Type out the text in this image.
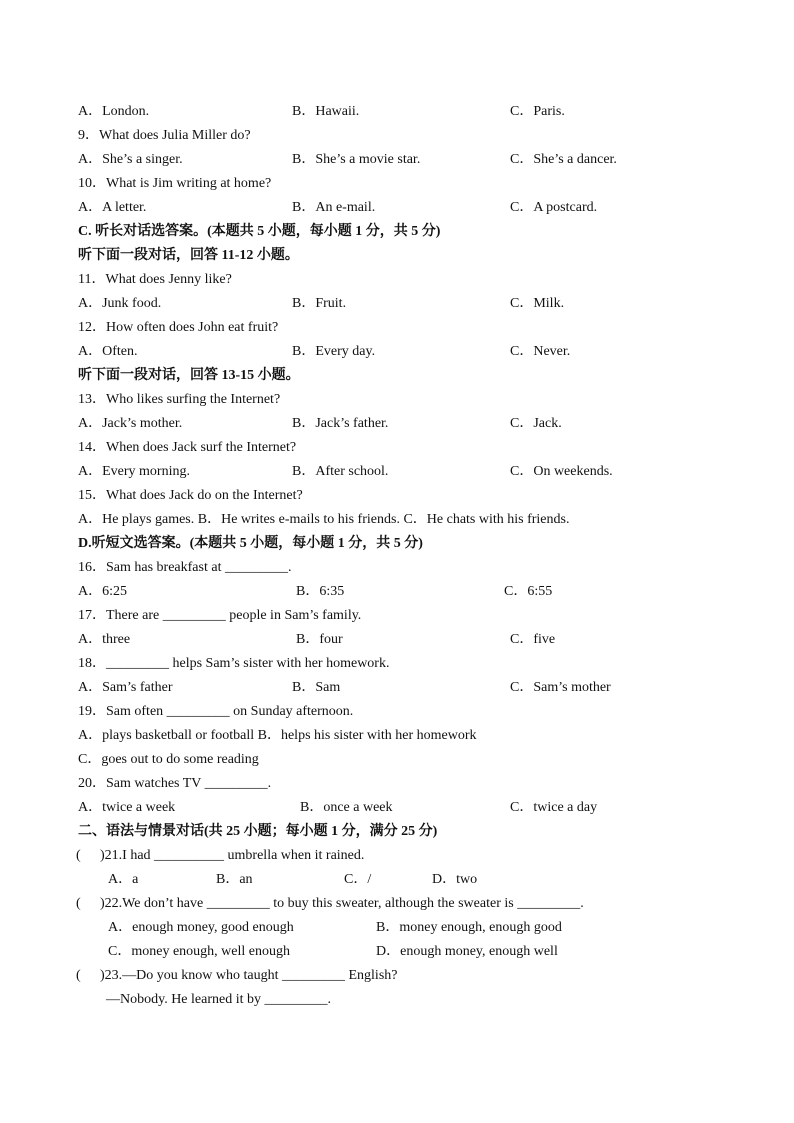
A．London.	B．Hawaii.	C．Paris.
9．What does Julia Miller do?
A．She’s a singer.	B．She’s a movie star.	C．She’s a dancer.
10．What is Jim writing at home?
A．A letter.	B．An e-mail.	C．A postcard.
C. 听长对话选答案。(本题共 5 小题，每小题 1 分，共 5 分)
听下面一段对话，回答 11-12 小题。
11．What does Jenny like?
A．Junk food.	B．Fruit.	C．Milk.
12．How often does John eat fruit?
A．Often.	B．Every day.	C．Never.
听下面一段对话，回答 13-15 小题。
13．Who likes surfing the Internet?
A．Jack’s mother.	B．Jack’s father.	C．Jack.
14．When does Jack surf the Internet?
A．Every morning.	B．After school.	C．On weekends.
15．What does Jack do on the Internet?
A．He plays games. B．He writes e-mails to his friends. C．He chats with his friends.
D.听短文选答案。(本题共 5 小题，每小题 1 分，共 5 分)
16．Sam has breakfast at _________.
A．6:25	B．6:35	C．6:55
17．There are _________ people in Sam’s family.
A．three	B．four	C．five
18．_________ helps Sam’s sister with her homework.
A．Sam’s father	B．Sam	C．Sam’s mother
19．Sam often _________ on Sunday afternoon.
A．plays basketball or football B．helps his sister with her homework
C．goes out to do some reading
20．Sam watches TV _________.
A．twice a week	B．once a week	C．twice a day
二、语法与情景对话(共 25 小题；每小题 1 分，满分 25 分)
( )21.I had __________ umbrella when it rained.
A．a	B．an	C．/	D．two
( )22.We don’t have _________ to buy this sweater, although the sweater is _________.
A．enough money, good enough	B．money enough, enough good
C．money enough, well enough	D．enough money, enough well
( )23.—Do you know who taught _________ English?
—Nobody. He learned it by _________.
